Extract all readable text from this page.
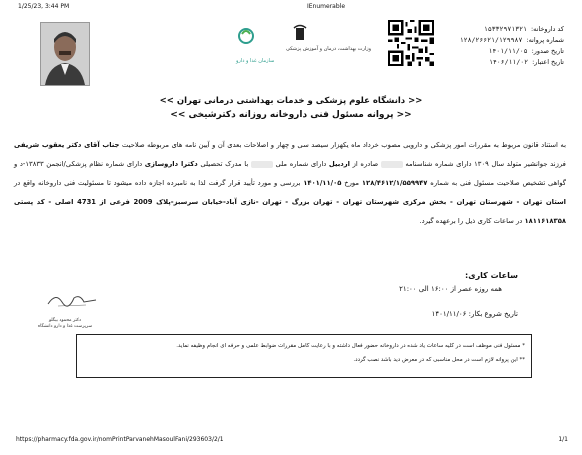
1/25/23, 3:44 PM	IEnumerable
وزارت بهداشت، درمان و آموزش پزشکی
سازمان غذا و دارو
کد داروخانه:
۱۵۳۳۲۹۷۱۳۲۱
شماره پروانه:
۱۲۸/۲۶۶۲۱/۱۲۹۹۸۷
تاریخ صدور:
۱۴۰۱/۱۱/۰۵
تاریخ اعتبار:
۱۴۰۶/۱۱/۰۲
<< دانشگاه علوم پزشکی و خدمات بهداشتی درمانی تهران >>
<< پروانه مسئول فنی داروخانه روزانه دکترشیخی >>
به استناد قانون مربوط به مقررات امور پزشکی و دارویی مصوب خرداد ماه یکهزار سیصد سی و چهار و اصلاحات بعدی آن و آیین نامه های مربوطه صلاحیت جناب آقای دکتر یعقوب شریفی فرزند جوانشیر متولد سال ۱۳۰۹ دارای شماره شناسنامه  صادره از اردبیل دارای شماره ملی  با مدرک تحصیلی دکترا داروسازی دارای شماره نظام پزشکی/انجمن ۱۳۸۳۳-د و گواهی تشخیص صلاحیت مسئول فنی به شماره ۱۲۸/۴۶۱۲/۱/۵۵۹۹۴۷ مورخ ۱۴۰۱/۱۱/۰۵ بررسی و مورد تأیید قرار گرفت لذا به نامبرده اجازه داده میشود تا مسئولیت فنی داروخانه واقع در استان تهران - شهرستان تهران - بخش مرکزی شهرستان تهران - تهران بزرگ - تهران -نازی آباد-خیابان سرسبز-پلاک 2009 فرعی از 4731 اصلی - کد پستی ۱۸۱۱۶۱۸۳۵۸ در ساعات کاری ذیل را برعهده گیرد.
ساعات کاری:
همه روزه عصر از ۱۶:۰۰ الی ۲۱:۰۰
تاریخ شروع بکار: ۱۴۰۱/۱۱/۰۶
دکتر محمود بیگلو
سرپرست غذا و دارو دانشگاه
* مسئول فنی موظف است در کلیه ساعات یاد شده در داروخانه حضور فعال داشته و با رعایت کامل مقررات ضوابط علمی و حرفه ای انجام وظیفه نماید.
** این پروانه لازم است در محل مناسبی که در معرض دید باشد نصب گردد.
https://pharmacy.fda.gov.ir/nomPrintParvanehMasoulFani/293603/2/1	1/1
